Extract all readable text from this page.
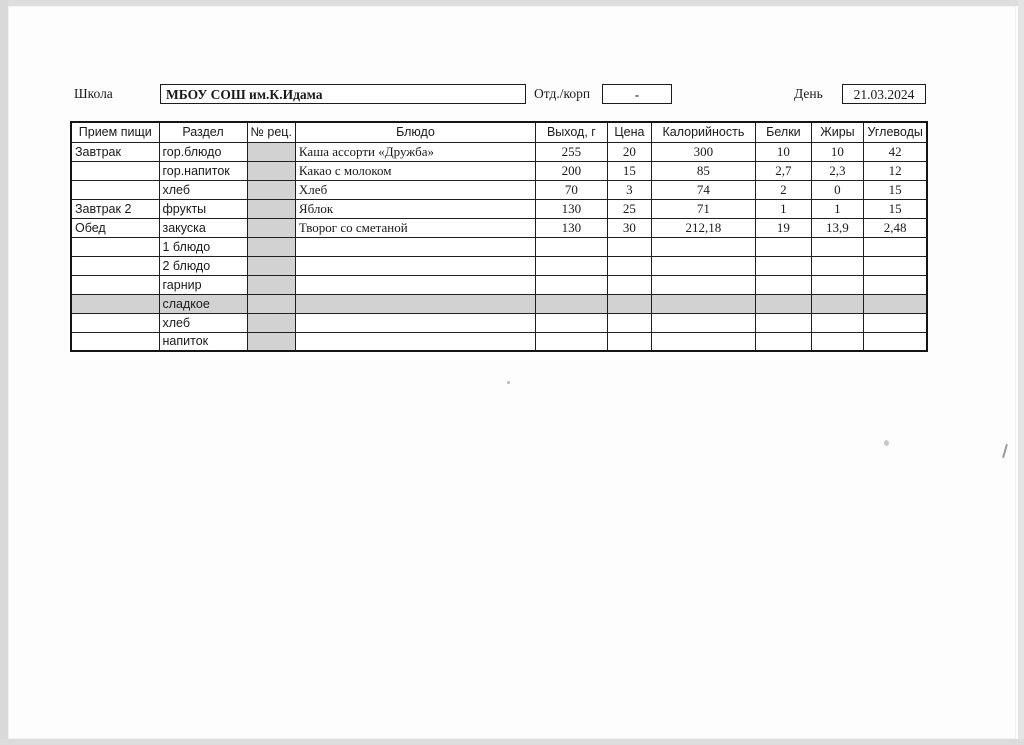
Школа	МБОУ СОШ им.К.Идама	Отд./корп	-	День	21.03.2024
Прием пищи	Раздел	№ рец.	Блюдо	Выход, г	Цена	Калорийность	Белки	Жиры	Углеводы
Завтрак	гор.блюдо		Каша ассорти «Дружба»	255	20	300	10	10	42
	гор.напиток		Какао с молоком	200	15	85	2,7	2,3	12
	хлеб		Хлеб	70	3	74	2	0	15
Завтрак 2	фрукты		Яблок	130	25	71	1	1	15
Обед	закуска		Творог со сметаной	130	30	212,18	19	13,9	2,48
	1 блюдо								
	2 блюдо								
	гарнир								
	сладкое								
	хлеб								
	напиток								
